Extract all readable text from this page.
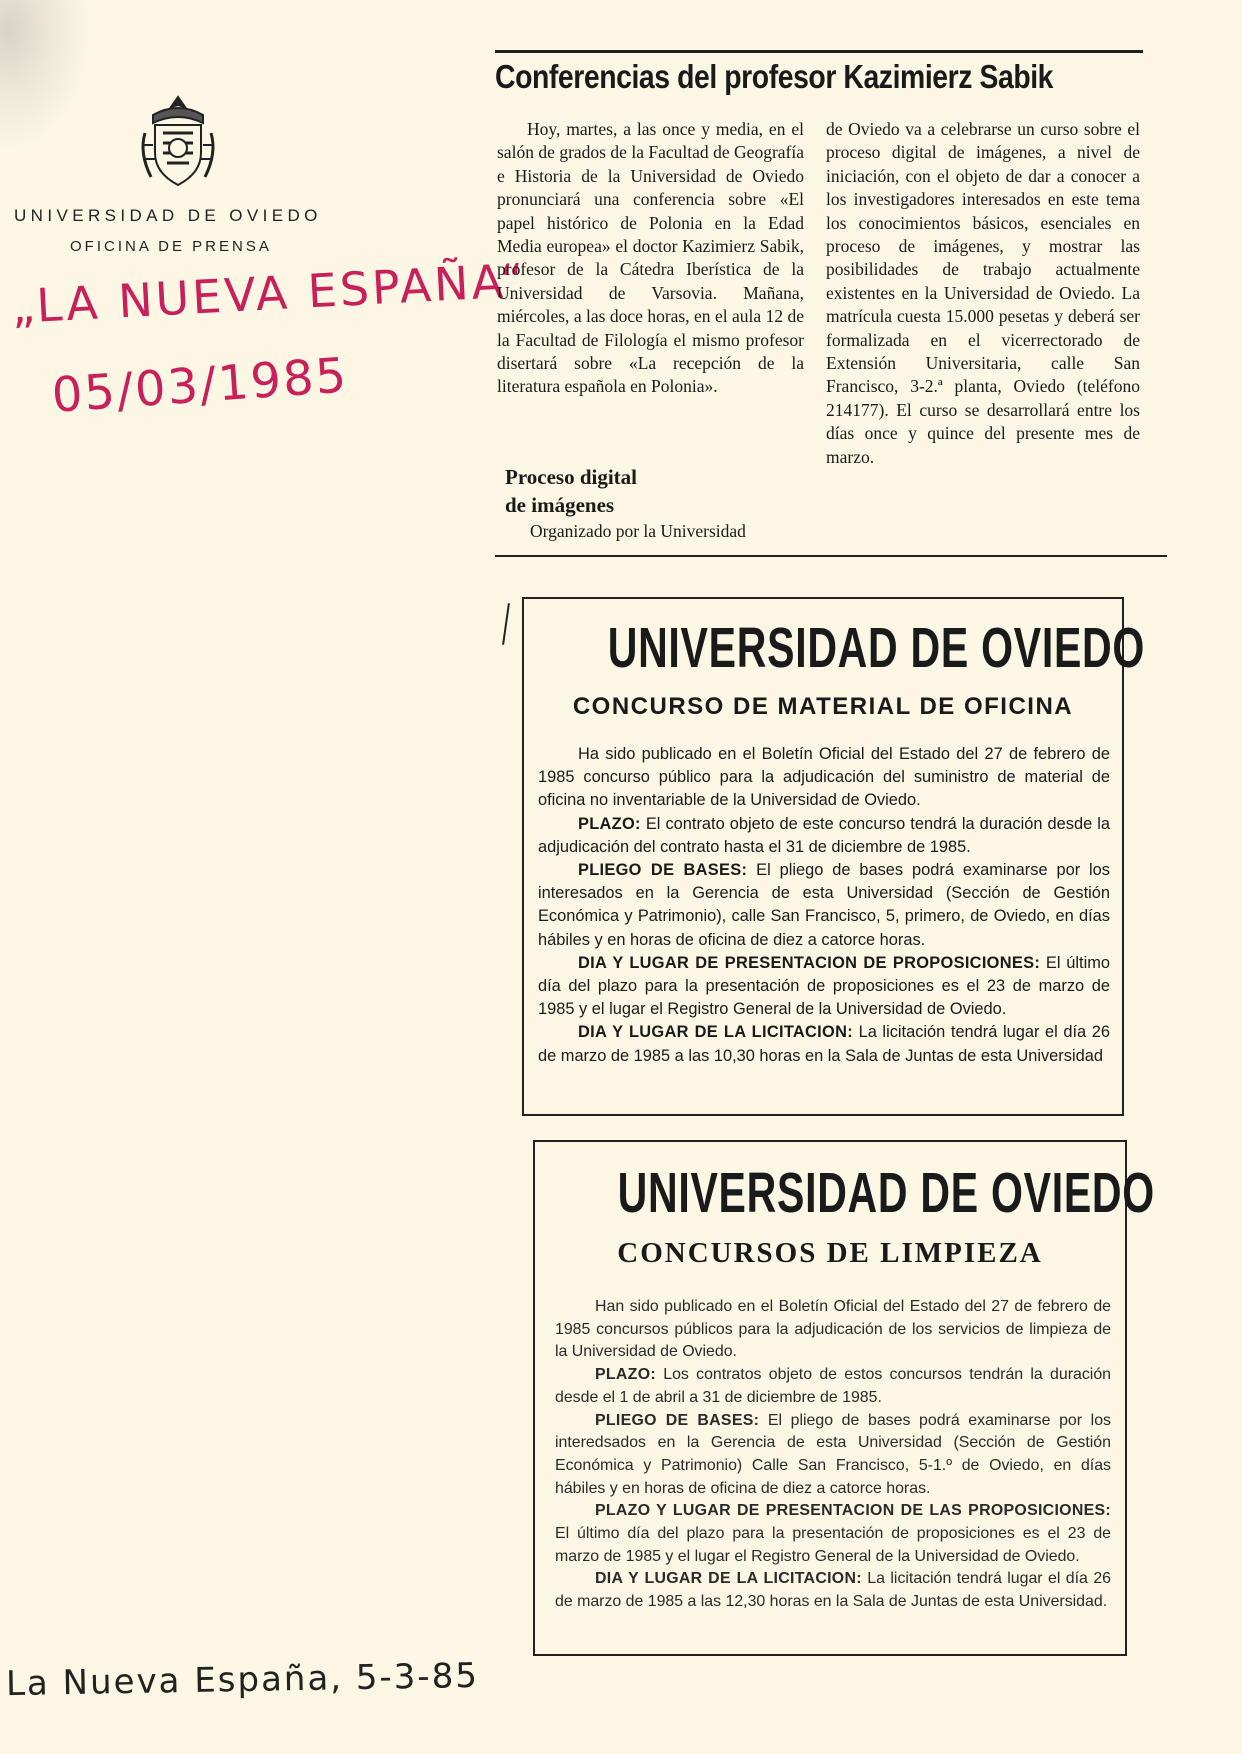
UNIVERSIDAD DE OVIEDO
OFICINA DE PRENSA
„LA NUEVA ESPAÑA“
05/03/1985
Conferencias del profesor Kazimierz Sabik

Hoy, martes, a las once y media, en el salón de grados de la Facultad de Geografía e Historia de la Universidad de Oviedo pronunciará una conferencia sobre «El papel histórico de Polonia en la Edad Media europea» el doctor Kazimierz Sabik, profesor de la Cátedra Iberística de la Universidad de Varsovia. Mañana, miércoles, a las doce horas, en el aula 12 de la Facultad de Filología el mismo profesor disertará sobre «La recepción de la literatura española en Polonia».

Proceso digital
de imágenes
Organizado por la Universidad
de Oviedo va a celebrarse un curso sobre el proceso digital de imágenes, a nivel de iniciación, con el objeto de dar a conocer a los investigadores interesados en este tema los conocimientos básicos, esenciales en proceso de imágenes, y mostrar las posibilidades de trabajo actualmente existentes en la Universidad de Oviedo. La matrícula cuesta 15.000 pesetas y deberá ser formalizada en el vicerrectorado de Extensión Universitaria, calle San Francisco, 3-2.ª planta, Oviedo (teléfono 214177). El curso se desarrollará entre los días once y quince del presente mes de marzo.
UNIVERSIDAD DE OVIEDO
CONCURSO DE MATERIAL DE OFICINA

Ha sido publicado en el Boletín Oficial del Estado del 27 de febrero de 1985 concurso público para la adjudicación del suministro de material de oficina no inventariable de la Universidad de Oviedo.

PLAZO: El contrato objeto de este concurso tendrá la duración desde la adjudicación del contrato hasta el 31 de diciembre de 1985.

PLIEGO DE BASES: El pliego de bases podrá examinarse por los interesados en la Gerencia de esta Universidad (Sección de Gestión Económica y Patrimonio), calle San Francisco, 5, primero, de Oviedo, en días hábiles y en horas de oficina de diez a catorce horas.

DIA Y LUGAR DE PRESENTACION DE PROPOSICIONES: El último día del plazo para la presentación de proposiciones es el 23 de marzo de 1985 y el lugar el Registro General de la Universidad de Oviedo.

DIA Y LUGAR DE LA LICITACION: La licitación tendrá lugar el día 26 de marzo de 1985 a las 10,30 horas en la Sala de Juntas de esta Universidad

UNIVERSIDAD DE OVIEDO
CONCURSOS DE LIMPIEZA

Han sido publicado en el Boletín Oficial del Estado del 27 de febrero de 1985 concursos públicos para la adjudicación de los servicios de limpieza de la Universidad de Oviedo.

PLAZO: Los contratos objeto de estos concursos tendrán la duración desde el 1 de abril a 31 de diciembre de 1985.

PLIEGO DE BASES: El pliego de bases podrá examinarse por los interedsados en la Gerencia de esta Universidad (Sección de Gestión Económica y Patrimonio) Calle San Francisco, 5-1.º de Oviedo, en días hábiles y en horas de oficina de diez a catorce horas.

PLAZO Y LUGAR DE PRESENTACION DE LAS PROPOSICIONES: El último día del plazo para la presentación de proposiciones es el 23 de marzo de 1985 y el lugar el Registro General de la Universidad de Oviedo.

DIA Y LUGAR DE LA LICITACION: La licitación tendrá lugar el día 26 de marzo de 1985 a las 12,30 horas en la Sala de Juntas de esta Universidad.

La Nueva España, 5-3-85
